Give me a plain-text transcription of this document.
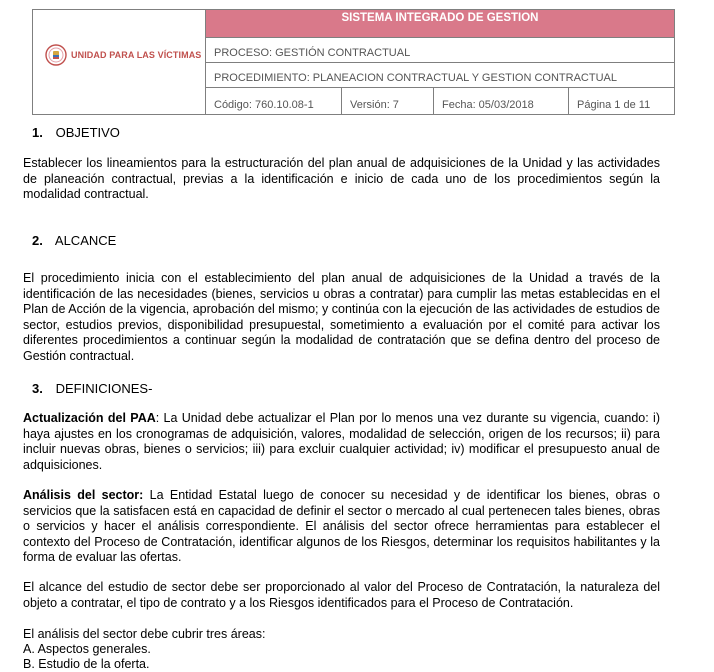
UNIDAD PARA LAS VÍCTIMAS
SISTEMA INTEGRADO DE GESTION
PROCESO: GESTIÓN CONTRACTUAL
PROCEDIMIENTO: PLANEACION CONTRACTUAL Y GESTION CONTRACTUAL
Código: 760.10.08-1	Versión: 7	Fecha: 05/03/2018	Página 1 de 11
1. OBJETIVO

Establecer los lineamientos para la estructuración del plan anual de adquisiciones de la Unidad y las actividades de planeación contractual, previas a la identificación e inicio de cada uno de los procedimientos según la modalidad contractual.

2. ALCANCE

El procedimiento inicia con el establecimiento del plan anual de adquisiciones de la Unidad a través de la identificación de las necesidades (bienes, servicios u obras a contratar) para cumplir las metas establecidas en el Plan de Acción de la vigencia, aprobación del mismo; y continúa con la ejecución de las actividades de estudios de sector, estudios previos, disponibilidad presupuestal, sometimiento a evaluación por el comité para activar los diferentes procedimientos a continuar según la modalidad de contratación que se defina dentro del proceso de Gestión contractual.

3. DEFINICIONES-

Actualización del PAA: La Unidad debe actualizar el Plan por lo menos una vez durante su vigencia, cuando: i) haya ajustes en los cronogramas de adquisición, valores, modalidad de selección, origen de los recursos; ii) para incluir nuevas obras, bienes o servicios; iii) para excluir cualquier actividad; iv) modificar el presupuesto anual de adquisiciones.

Análisis del sector: La Entidad Estatal luego de conocer su necesidad y de identificar los bienes, obras o servicios que la satisfacen está en capacidad de definir el sector o mercado al cual pertenecen tales bienes, obras o servicios y hacer el análisis correspondiente. El análisis del sector ofrece herramientas para establecer el contexto del Proceso de Contratación, identificar algunos de los Riesgos, determinar los requisitos habilitantes y la forma de evaluar las ofertas.

El alcance del estudio de sector debe ser proporcionado al valor del Proceso de Contratación, la naturaleza del objeto a contratar, el tipo de contrato y a los Riesgos identificados para el Proceso de Contratación.

El análisis del sector debe cubrir tres áreas:
A. Aspectos generales.
B. Estudio de la oferta.
